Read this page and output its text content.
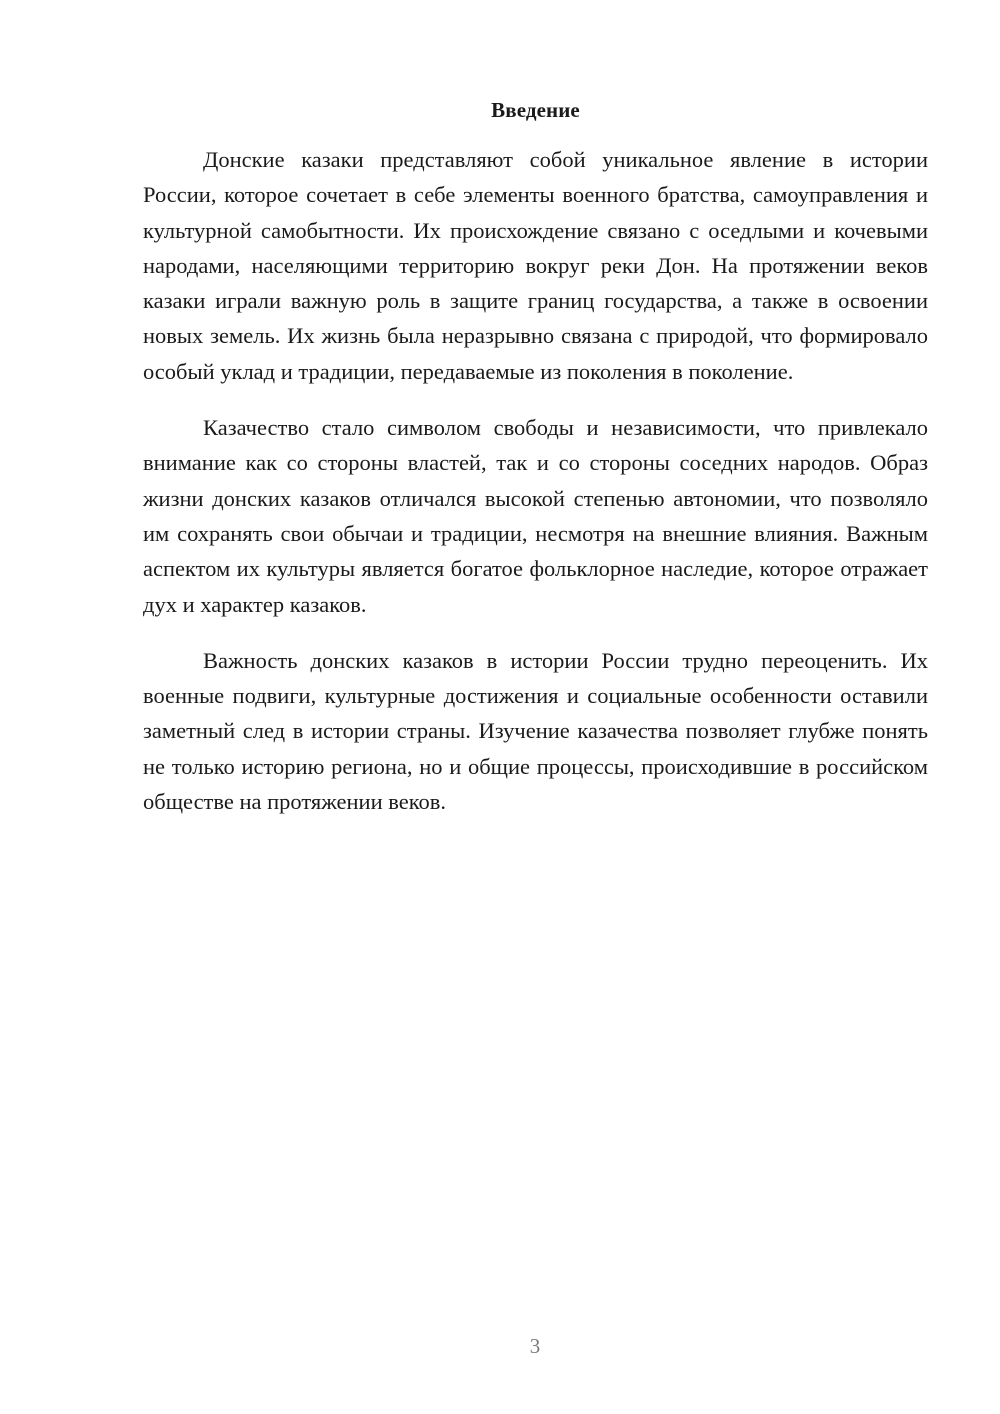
Введение

Донские казаки представляют собой уникальное явление в истории России, которое сочетает в себе элементы военного братства, самоуправления и культурной самобытности. Их происхождение связано с оседлыми и кочевыми народами, населяющими территорию вокруг реки Дон. На протяжении веков казаки играли важную роль в защите границ государства, а также в освоении новых земель. Их жизнь была неразрывно связана с природой, что формировало особый уклад и традиции, передаваемые из поколения в поколение.

Казачество стало символом свободы и независимости, что привлекало внимание как со стороны властей, так и со стороны соседних народов. Образ жизни донских казаков отличался высокой степенью автономии, что позволяло им сохранять свои обычаи и традиции, несмотря на внешние влияния. Важным аспектом их культуры является богатое фольклорное наследие, которое отражает дух и характер казаков.

Важность донских казаков в истории России трудно переоценить. Их военные подвиги, культурные достижения и социальные особенности оставили заметный след в истории страны. Изучение казачества позволяет глубже понять не только историю региона, но и общие процессы, происходившие в российском обществе на протяжении веков.

3
